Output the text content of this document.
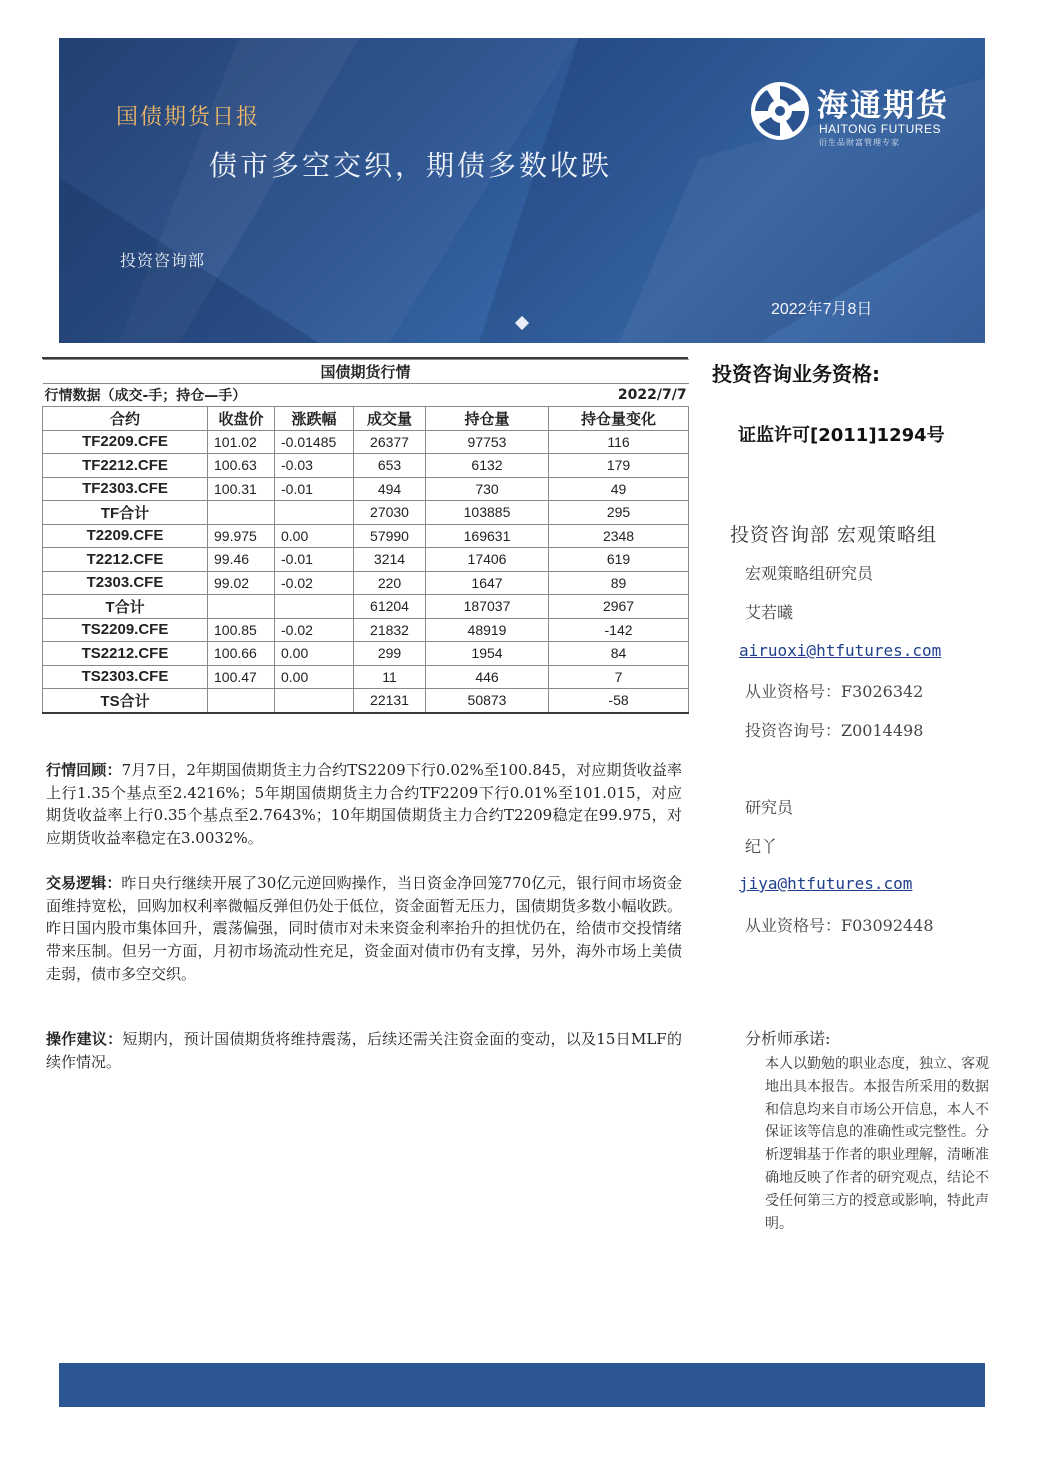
国债期货日报
债市多空交织，期债多数收跌
投资咨询部
2022年7月8日
海通期货
HAITONG FUTURES
衍生品财富管理专家
国债期货行情					
行情数据（成交-手；持仓—手）				2022/7/7	
合约	收盘价	涨跌幅	成交量	持仓量	持仓量变化
TF2209.CFE	101.02	-0.01485	26377	97753	116
TF2212.CFE	100.63	-0.03	653	6132	179
TF2303.CFE	100.31	-0.01	494	730	49
TF合计			27030	103885	295
T2209.CFE	99.975	0.00	57990	169631	2348
T2212.CFE	99.46	-0.01	3214	17406	619
T2303.CFE	99.02	-0.02	220	1647	89
T合计			61204	187037	2967
TS2209.CFE	100.85	-0.02	21832	48919	-142
TS2212.CFE	100.66	0.00	299	1954	84
TS2303.CFE	100.47	0.00	11	446	7
TS合计			22131	50873	-58
行情回顾：7月7日，2年期国债期货主力合约TS2209下行0.02%至100.845，对应期货收益率上行1.35个基点至2.4216%；5年期国债期货主力合约TF2209下行0.01%至101.015，对应期货收益率上行0.35个基点至2.7643%；10年期国债期货主力合约T2209稳定在99.975，对应期货收益率稳定在3.0032%。
交易逻辑：昨日央行继续开展了30亿元逆回购操作，当日资金净回笼770亿元，银行间市场资金面维持宽松，回购加权利率微幅反弹但仍处于低位，资金面暂无压力，国债期货多数小幅收跌。昨日国内股市集体回升，震荡偏强，同时债市对未来资金利率抬升的担忧仍在，给债市交投情绪带来压制。但另一方面，月初市场流动性充足，资金面对债市仍有支撑，另外，海外市场上美债走弱，债市多空交织。
操作建议：短期内，预计国债期货将维持震荡，后续还需关注资金面的变动，以及15日MLF的续作情况。
投资咨询业务资格:
证监许可[2011]1294号
投资咨询部 宏观策略组
宏观策略组研究员
艾若曦
airuoxi@htfutures.com
从业资格号：F3026342
投资咨询号：Z0014498
研究员
纪丫
jiya@htfutures.com
从业资格号：F03092448
分析师承诺:
本人以勤勉的职业态度，独立、客观地出具本报告。本报告所采用的数据和信息均来自市场公开信息，本人不保证该等信息的准确性或完整性。分析逻辑基于作者的职业理解，清晰准确地反映了作者的研究观点，结论不受任何第三方的授意或影响，特此声明。
